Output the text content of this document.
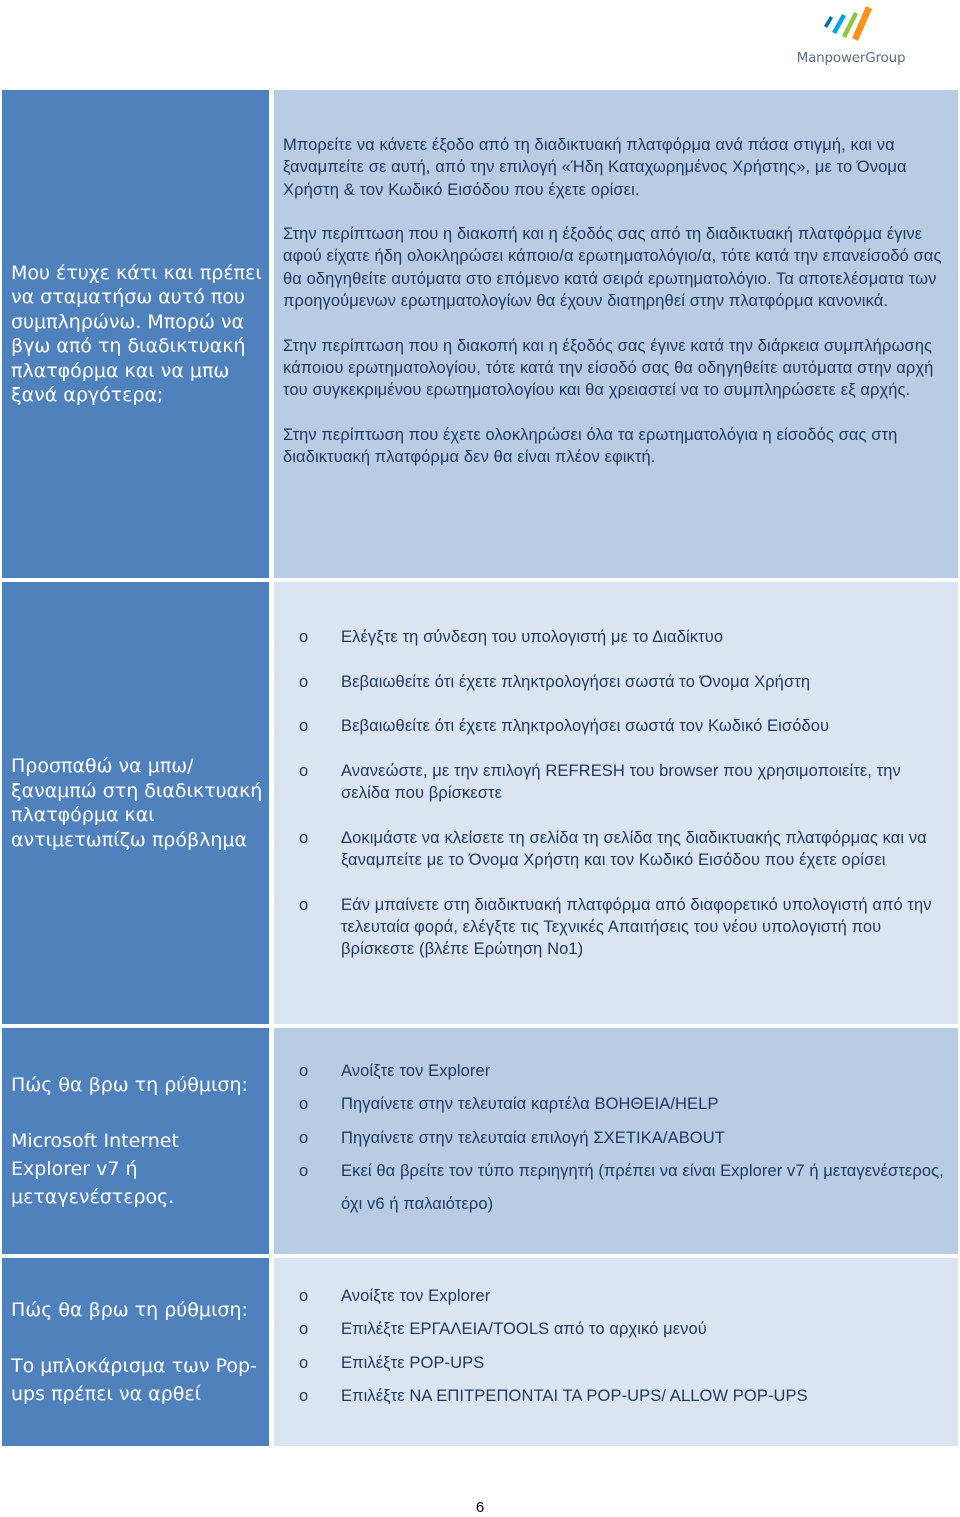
ManpowerGroup

Μου έτυχε κάτι και πρέπει να σταματήσω αυτό που συμπληρώνω. Μπορώ να βγω από τη διαδικτυακή πλατφόρμα και να μπω ξανά αργότερα;

Μπορείτε να κάνετε έξοδο από τη διαδικτυακή πλατφόρμα ανά πάσα στιγμή, και να ξαναμπείτε σε αυτή, από την επιλογή «Ήδη Καταχωρημένος Χρήστης», με το Όνομα Χρήστη & τον Κωδικό Εισόδου που έχετε ορίσει.

Στην περίπτωση που η διακοπή και η έξοδός σας από τη διαδικτυακή πλατφόρμα έγινε αφού είχατε ήδη ολοκληρώσει κάποιο/α ερωτηματολόγιο/α, τότε κατά την επανείσοδό σας θα οδηγηθείτε αυτόματα στο επόμενο κατά σειρά ερωτηματολόγιο. Τα αποτελέσματα των προηγούμενων ερωτηματολογίων θα έχουν διατηρηθεί στην πλατφόρμα κανονικά.

Στην περίπτωση που η διακοπή και η έξοδός σας έγινε κατά την διάρκεια συμπλήρωσης κάποιου ερωτηματολογίου, τότε κατά την είσοδό σας θα οδηγηθείτε αυτόματα στην αρχή του συγκεκριμένου ερωτηματολογίου και θα χρειαστεί να το συμπληρώσετε εξ αρχής.

Στην περίπτωση που έχετε ολοκληρώσει όλα τα ερωτηματολόγια η είσοδός σας στη διαδικτυακή πλατφόρμα δεν θα είναι πλέον εφικτή.

Προσπαθώ να μπω/ ξαναμπώ στη διαδικτυακή πλατφόρμα και αντιμετωπίζω πρόβλημα

o Ελέγξτε τη σύνδεση του υπολογιστή με το Διαδίκτυο
o Βεβαιωθείτε ότι έχετε πληκτρολογήσει σωστά το Όνομα Χρήστη
o Βεβαιωθείτε ότι έχετε πληκτρολογήσει σωστά τον Κωδικό Εισόδου
o Ανανεώστε, με την επιλογή REFRESH του browser που χρησιμοποιείτε, την σελίδα που βρίσκεστε
o Δοκιμάστε να κλείσετε τη σελίδα τη σελίδα της διαδικτυακής πλατφόρμας και να ξαναμπείτε με το Όνομα Χρήστη και τον Κωδικό Εισόδου που έχετε ορίσει
o Εάν μπαίνετε στη διαδικτυακή πλατφόρμα από διαφορετικό υπολογιστή από την τελευταία φορά, ελέγξτε τις Τεχνικές Απαιτήσεις του νέου υπολογιστή που βρίσκεστε (βλέπε Ερώτηση Νο1)

Πώς θα βρω τη ρύθμιση:

Microsoft Internet Explorer v7 ή μεταγενέστερος.

o Ανοίξτε τον Explorer
o Πηγαίνετε στην τελευταία καρτέλα ΒΟΗΘΕΙΑ/HELP
o Πηγαίνετε στην τελευταία επιλογή ΣΧΕΤΙΚΑ/ABOUT
o Εκεί θα βρείτε τον τύπο περιηγητή (πρέπει να είναι Explorer v7 ή μεταγενέστερος, όχι v6 ή παλαιότερο)

Πώς θα βρω τη ρύθμιση:

Το μπλοκάρισμα των Pop-ups πρέπει να αρθεί

o Ανοίξτε τον Explorer
o Επιλέξτε ΕΡΓΑΛΕΙΑ/TOOLS από το αρχικό μενού
o Επιλέξτε POP-UPS
o Επιλέξτε ΝΑ ΕΠΙΤΡΕΠΟΝΤΑΙ ΤΑ POP-UPS/ ALLOW POP-UPS
6
